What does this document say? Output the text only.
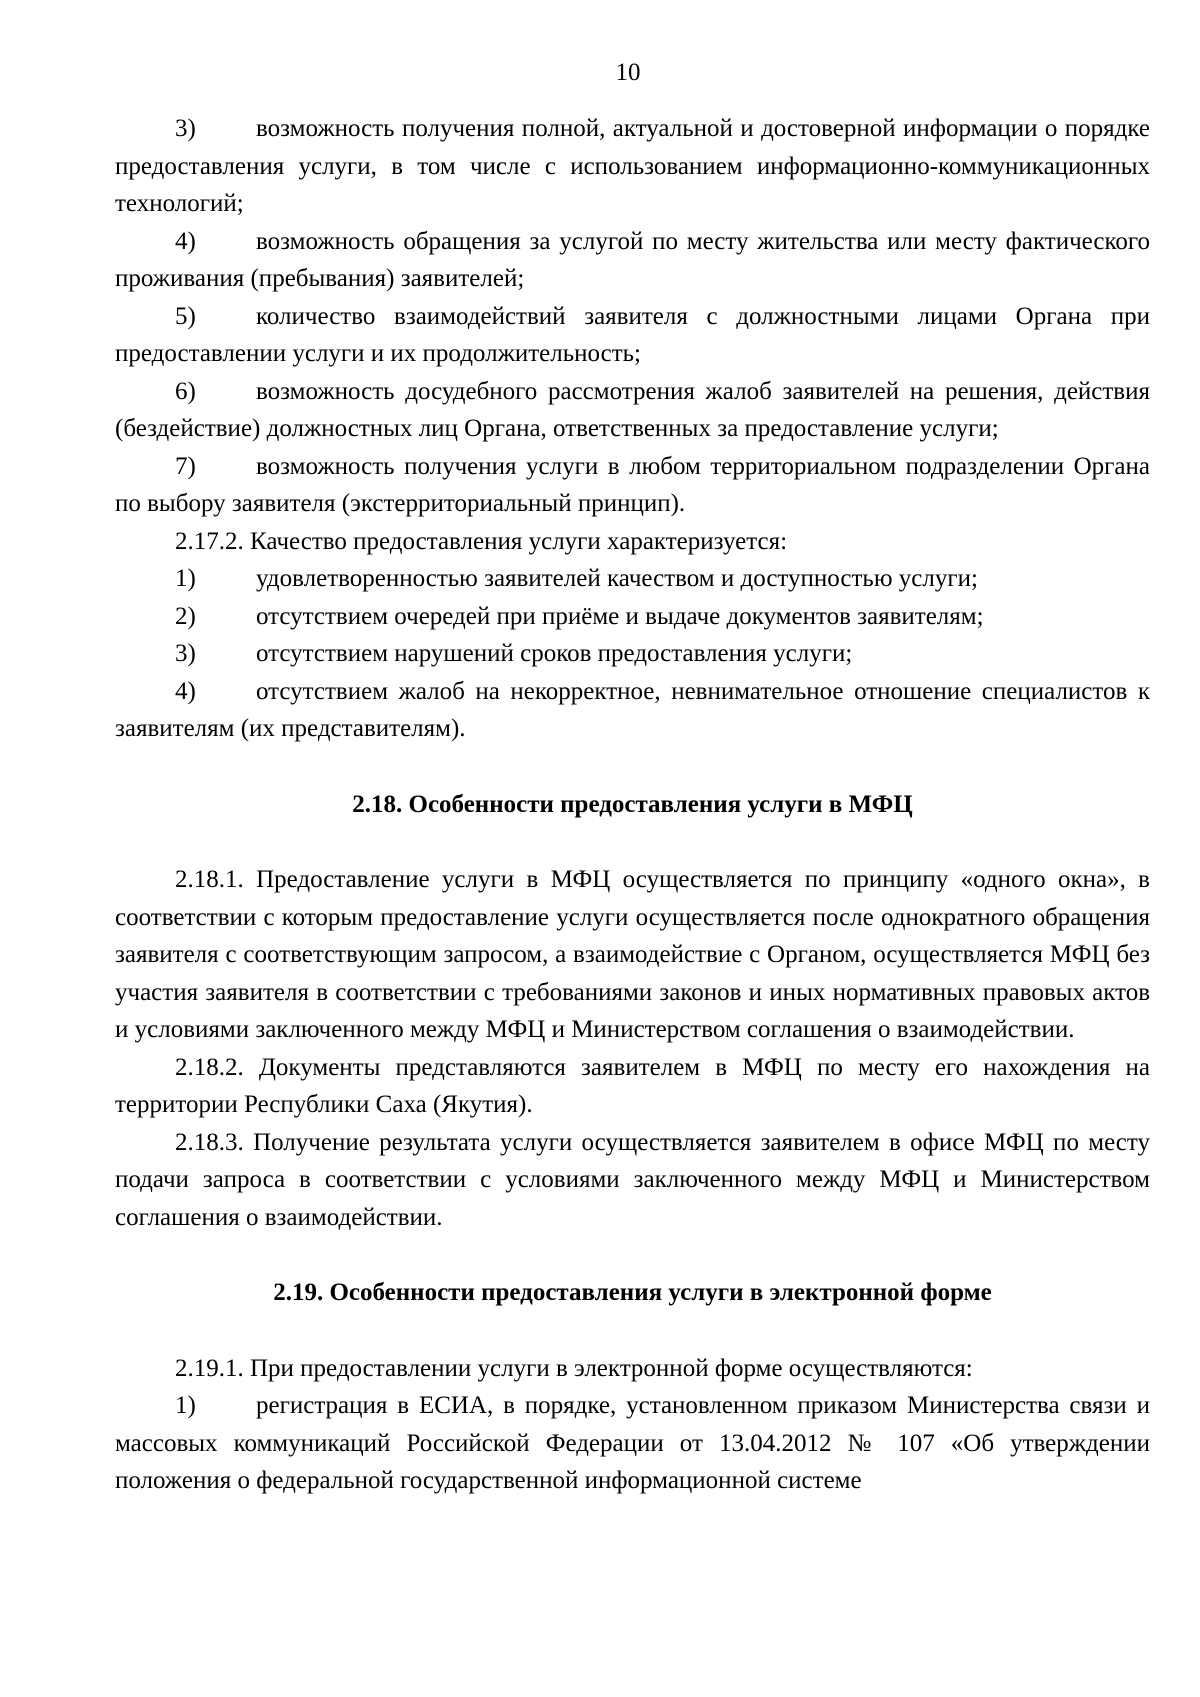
10

3) возможность получения полной, актуальной и достоверной информации о порядке предоставления услуги, в том числе с использованием информационно-коммуникационных технологий;

4) возможность обращения за услугой по месту жительства или месту фактического проживания (пребывания) заявителей;

5) количество взаимодействий заявителя с должностными лицами Органа при предоставлении услуги и их продолжительность;

6) возможность досудебного рассмотрения жалоб заявителей на решения, действия (бездействие) должностных лиц Органа, ответственных за предоставление услуги;

7) возможность получения услуги в любом территориальном подразделении Органа по выбору заявителя (экстерриториальный принцип).

2.17.2. Качество предоставления услуги характеризуется:

1) удовлетворенностью заявителей качеством и доступностью услуги;

2) отсутствием очередей при приёме и выдаче документов заявителям;

3) отсутствием нарушений сроков предоставления услуги;

4) отсутствием жалоб на некорректное, невнимательное отношение специалистов к заявителям (их представителям).

2.18. Особенности предоставления услуги в МФЦ

2.18.1. Предоставление услуги в МФЦ осуществляется по принципу «одного окна», в соответствии с которым предоставление услуги осуществляется после однократного обращения заявителя с соответствующим запросом, а взаимодействие с Органом, осуществляется МФЦ без участия заявителя в соответствии с требованиями законов и иных нормативных правовых актов и условиями заключенного между МФЦ и Министерством соглашения о взаимодействии.

2.18.2. Документы представляются заявителем в МФЦ по месту его нахождения на территории Республики Саха (Якутия).

2.18.3. Получение результата услуги осуществляется заявителем в офисе МФЦ по месту подачи запроса в соответствии с условиями заключенного между МФЦ и Министерством соглашения о взаимодействии.

2.19. Особенности предоставления услуги в электронной форме

2.19.1. При предоставлении услуги в электронной форме осуществляются:

1) регистрация в ЕСИА, в порядке, установленном приказом Министерства связи и массовых коммуникаций Российской Федерации от 13.04.2012 № 107 «Об утверждении положения о федеральной государственной информационной системе
